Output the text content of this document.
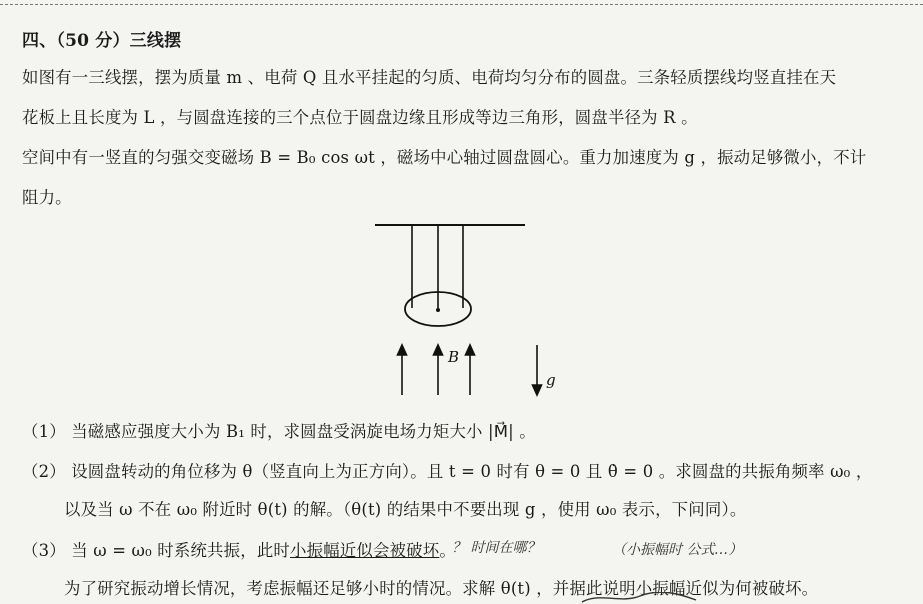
四、（50 分）三线摆
如图有一三线摆，摆为质量 m 、电荷 Q 且水平挂起的匀质、电荷均匀分布的圆盘。三条轻质摆线均竖直挂在天
花板上且长度为 L ，与圆盘连接的三个点位于圆盘边缘且形成等边三角形，圆盘半径为 R 。
空间中有一竖直的匀强交变磁场 B = B₀ cos ωt ，磁场中心轴过圆盘圆心。重力加速度为 g ，振动足够微小，不计
阻力。
B
g
（1） 当磁感应强度大小为 B₁ 时，求圆盘受涡旋电场力矩大小 |M⃗| 。
（2） 设圆盘转动的角位移为 θ（竖直向上为正方向）。且 t = 0 时有 θ = 0 且 θ̇ = 0 。求圆盘的共振角频率 ω₀ ，
以及当 ω 不在 ω₀ 附近时 θ(t) 的解。（θ(t) 的结果中不要出现 g ，使用 ω₀ 表示，下问同）。
（3） 当 ω = ω₀ 时系统共振，此时小振幅近似会被破坏。
？ 时间在哪？	（小振幅时 公式…）
为了研究振动增长情况，考虑振幅还足够小时的情况。求解 θ(t) ，并据此说明小振幅近似为何被破坏。
